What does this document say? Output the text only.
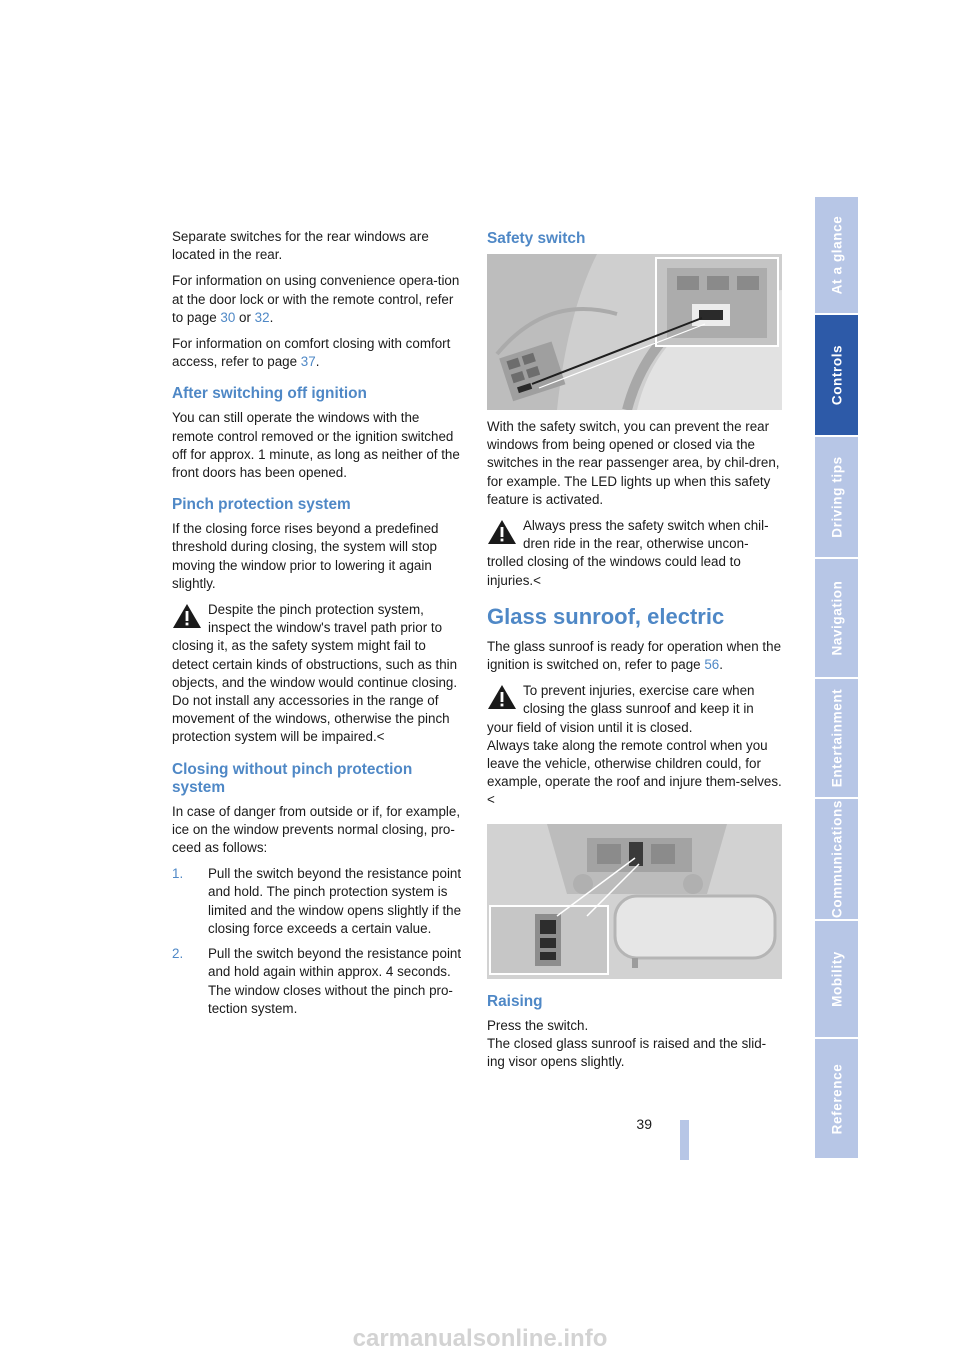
Separate switches for the rear windows are located in the rear.

For information on using convenience opera-tion at the door lock or with the remote control, refer to page 30 or 32.

For information on comfort closing with comfort access, refer to page 37.

After switching off ignition

You can still operate the windows with the remote control removed or the ignition switched off for approx. 1 minute, as long as neither of the front doors has been opened.

Pinch protection system

If the closing force rises beyond a predefined threshold during closing, the system will stop moving the window prior to lowering it again slightly.

Despite the pinch protection system, inspect the window's travel path prior to
closing it, as the safety system might fail to detect certain kinds of obstructions, such as thin objects, and the window would continue closing.
Do not install any accessories in the range of movement of the windows, otherwise the pinch protection system will be impaired.<
Closing without pinch protection system

In case of danger from outside or if, for example, ice on the window prevents normal closing, pro-ceed as follows:

1. Pull the switch beyond the resistance point and hold. The pinch protection system is limited and the window opens slightly if the closing force exceeds a certain value.
2. Pull the switch beyond the resistance point and hold again within approx. 4 seconds. The window closes without the pinch pro-tection system.
Safety switch

With the safety switch, you can prevent the rear windows from being opened or closed via the switches in the rear passenger area, by chil-dren, for example. The LED lights up when this safety feature is activated.

Always press the safety switch when chil-dren ride in the rear, otherwise uncon-
trolled closing of the windows could lead to injuries.<
Glass sunroof, electric

The glass sunroof is ready for operation when the ignition is switched on, refer to page 56.

To prevent injuries, exercise care when closing the glass sunroof and keep it in
your field of vision until it is closed.
Always take along the remote control when you leave the vehicle, otherwise children could, for example, operate the roof and injure them-selves.<
Raising

Press the switch.

The closed glass sunroof is raised and the slid-ing visor opens slightly.

At a glance
Controls
Driving tips
Navigation
Entertainment
Communications
Mobility
Reference
39
carmanualsonline.info
